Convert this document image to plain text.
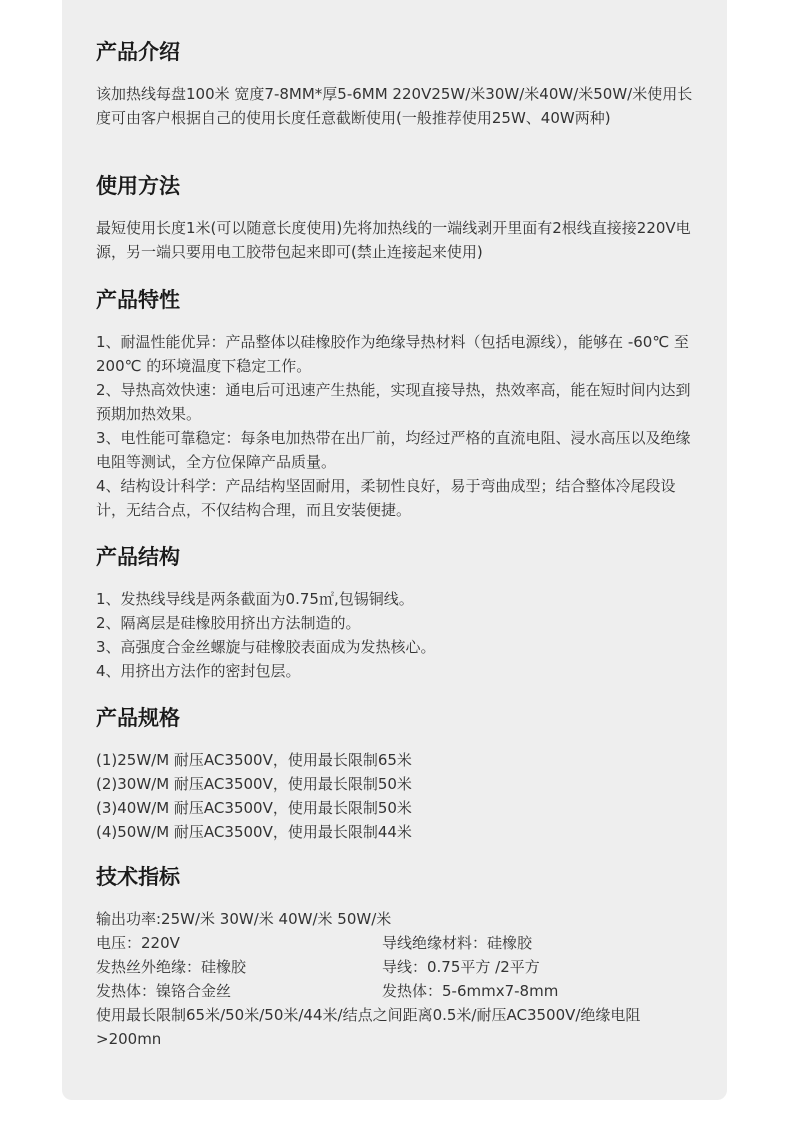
产品介绍
该加热线每盘100米 宽度7-8MM*厚5-6MM 220V25W/米30W/米40W/米50W/米使用长度可由客户根据自己的使用长度任意截断使用(一般推荐使用25W、40W两种)
使用方法
最短使用长度1米(可以随意长度使用)先将加热线的一端线剥开里面有2根线直接接220V电源，另一端只要用电工胶带包起来即可(禁止连接起来使用)
产品特性
1、耐温性能优异：产品整体以硅橡胶作为绝缘导热材料（包括电源线），能够在 -60℃ 至 200℃ 的环境温度下稳定工作。
2、导热高效快速：通电后可迅速产生热能，实现直接导热，热效率高，能在短时间内达到预期加热效果。
3、电性能可靠稳定：每条电加热带在出厂前，均经过严格的直流电阻、浸水高压以及绝缘电阻等测试，全方位保障产品质量。
4、结构设计科学：产品结构坚固耐用，柔韧性良好，易于弯曲成型；结合整体冷尾段设计，无结合点，不仅结构合理，而且安装便捷。
产品结构
1、发热线导线是两条截面为0.75㎡,包锡铜线。
2、隔离层是硅橡胶用挤出方法制造的。
3、高强度合金丝螺旋与硅橡胶表面成为发热核心。
4、用挤出方法作的密封包层。
产品规格
(1)25W/M 耐压AC3500V，使用最长限制65米
(2)30W/M 耐压AC3500V，使用最长限制50米
(3)40W/M 耐压AC3500V，使用最长限制50米
(4)50W/M 耐压AC3500V，使用最长限制44米
技术指标
输出功率:25W/米 30W/米 40W/米 50W/米
电压：220V	导线绝缘材料：硅橡胶
发热丝外绝缘：硅橡胶	导线：0.75平方 /2平方
发热体：镍铬合金丝	发热体：5-6mmx7-8mm
使用最长限制65米/50米/50米/44米/结点之间距离0.5米/耐压AC3500V/绝缘电阻>200mn
